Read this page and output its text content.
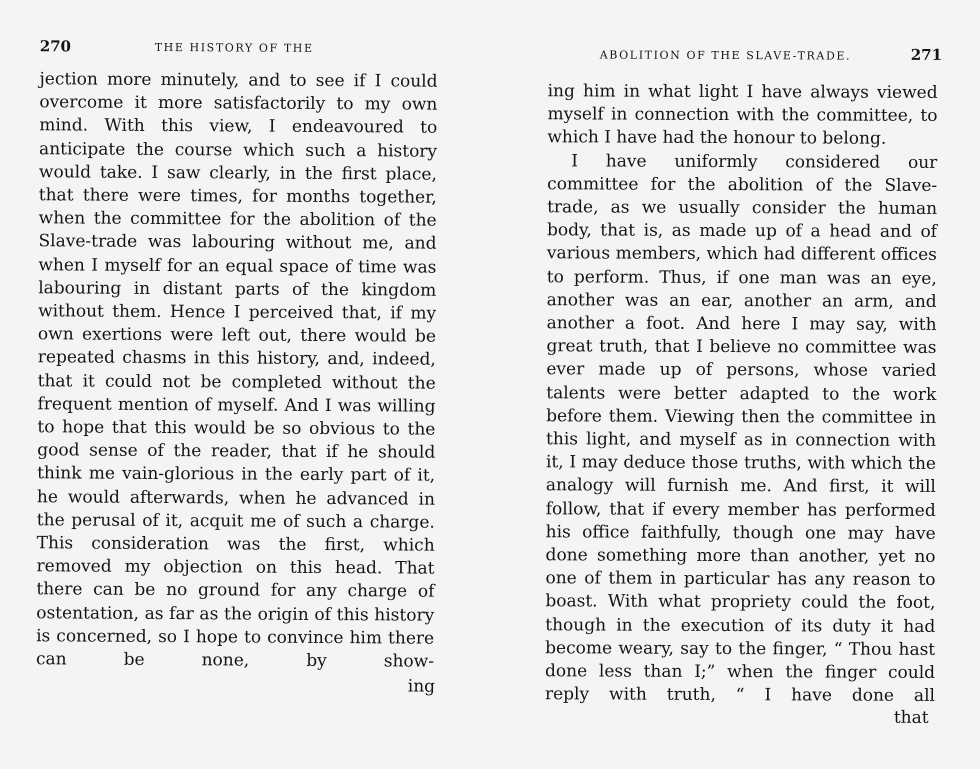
270	THE HISTORY OF THE

jection more minutely, and to see if I could overcome it more satisfactorily to my own mind. With this view, I endeavoured to anticipate the course which such a history would take. I saw clearly, in the first place, that there were times, for months together, when the committee for the abolition of the Slave-trade was labouring without me, and when I myself for an equal space of time was labouring in distant parts of the kingdom without them. Hence I perceived that, if my own exertions were left out, there would be repeated chasms in this history, and, indeed, that it could not be completed without the frequent mention of myself. And I was willing to hope that this would be so obvious to the good sense of the reader, that if he should think me vain-glorious in the early part of it, he would afterwards, when he advanced in the perusal of it, acquit me of such a charge. This consideration was the first, which removed my objection on this head. That there can be no ground for any charge of ostentation, as far as the origin of this history is concerned, so I hope to convince him there can be none, by show-

ing
ABOLITION OF THE SLAVE-TRADE.	271

ing him in what light I have always viewed myself in connection with the committee, to which I have had the honour to belong.

I have uniformly considered our committee for the abolition of the Slave-trade, as we usually consider the human body, that is, as made up of a head and of various members, which had different offices to perform. Thus, if one man was an eye, another was an ear, another an arm, and another a foot. And here I may say, with great truth, that I believe no committee was ever made up of persons, whose varied talents were better adapted to the work before them. Viewing then the committee in this light, and myself as in connection with it, I may deduce those truths, with which the analogy will furnish me. And first, it will follow, that if every member has performed his office faithfully, though one may have done something more than another, yet no one of them in particular has any reason to boast. With what propriety could the foot, though in the execution of its duty it had become weary, say to the finger, “ Thou hast done less than I;” when the finger could reply with truth, “ I have done all

that
